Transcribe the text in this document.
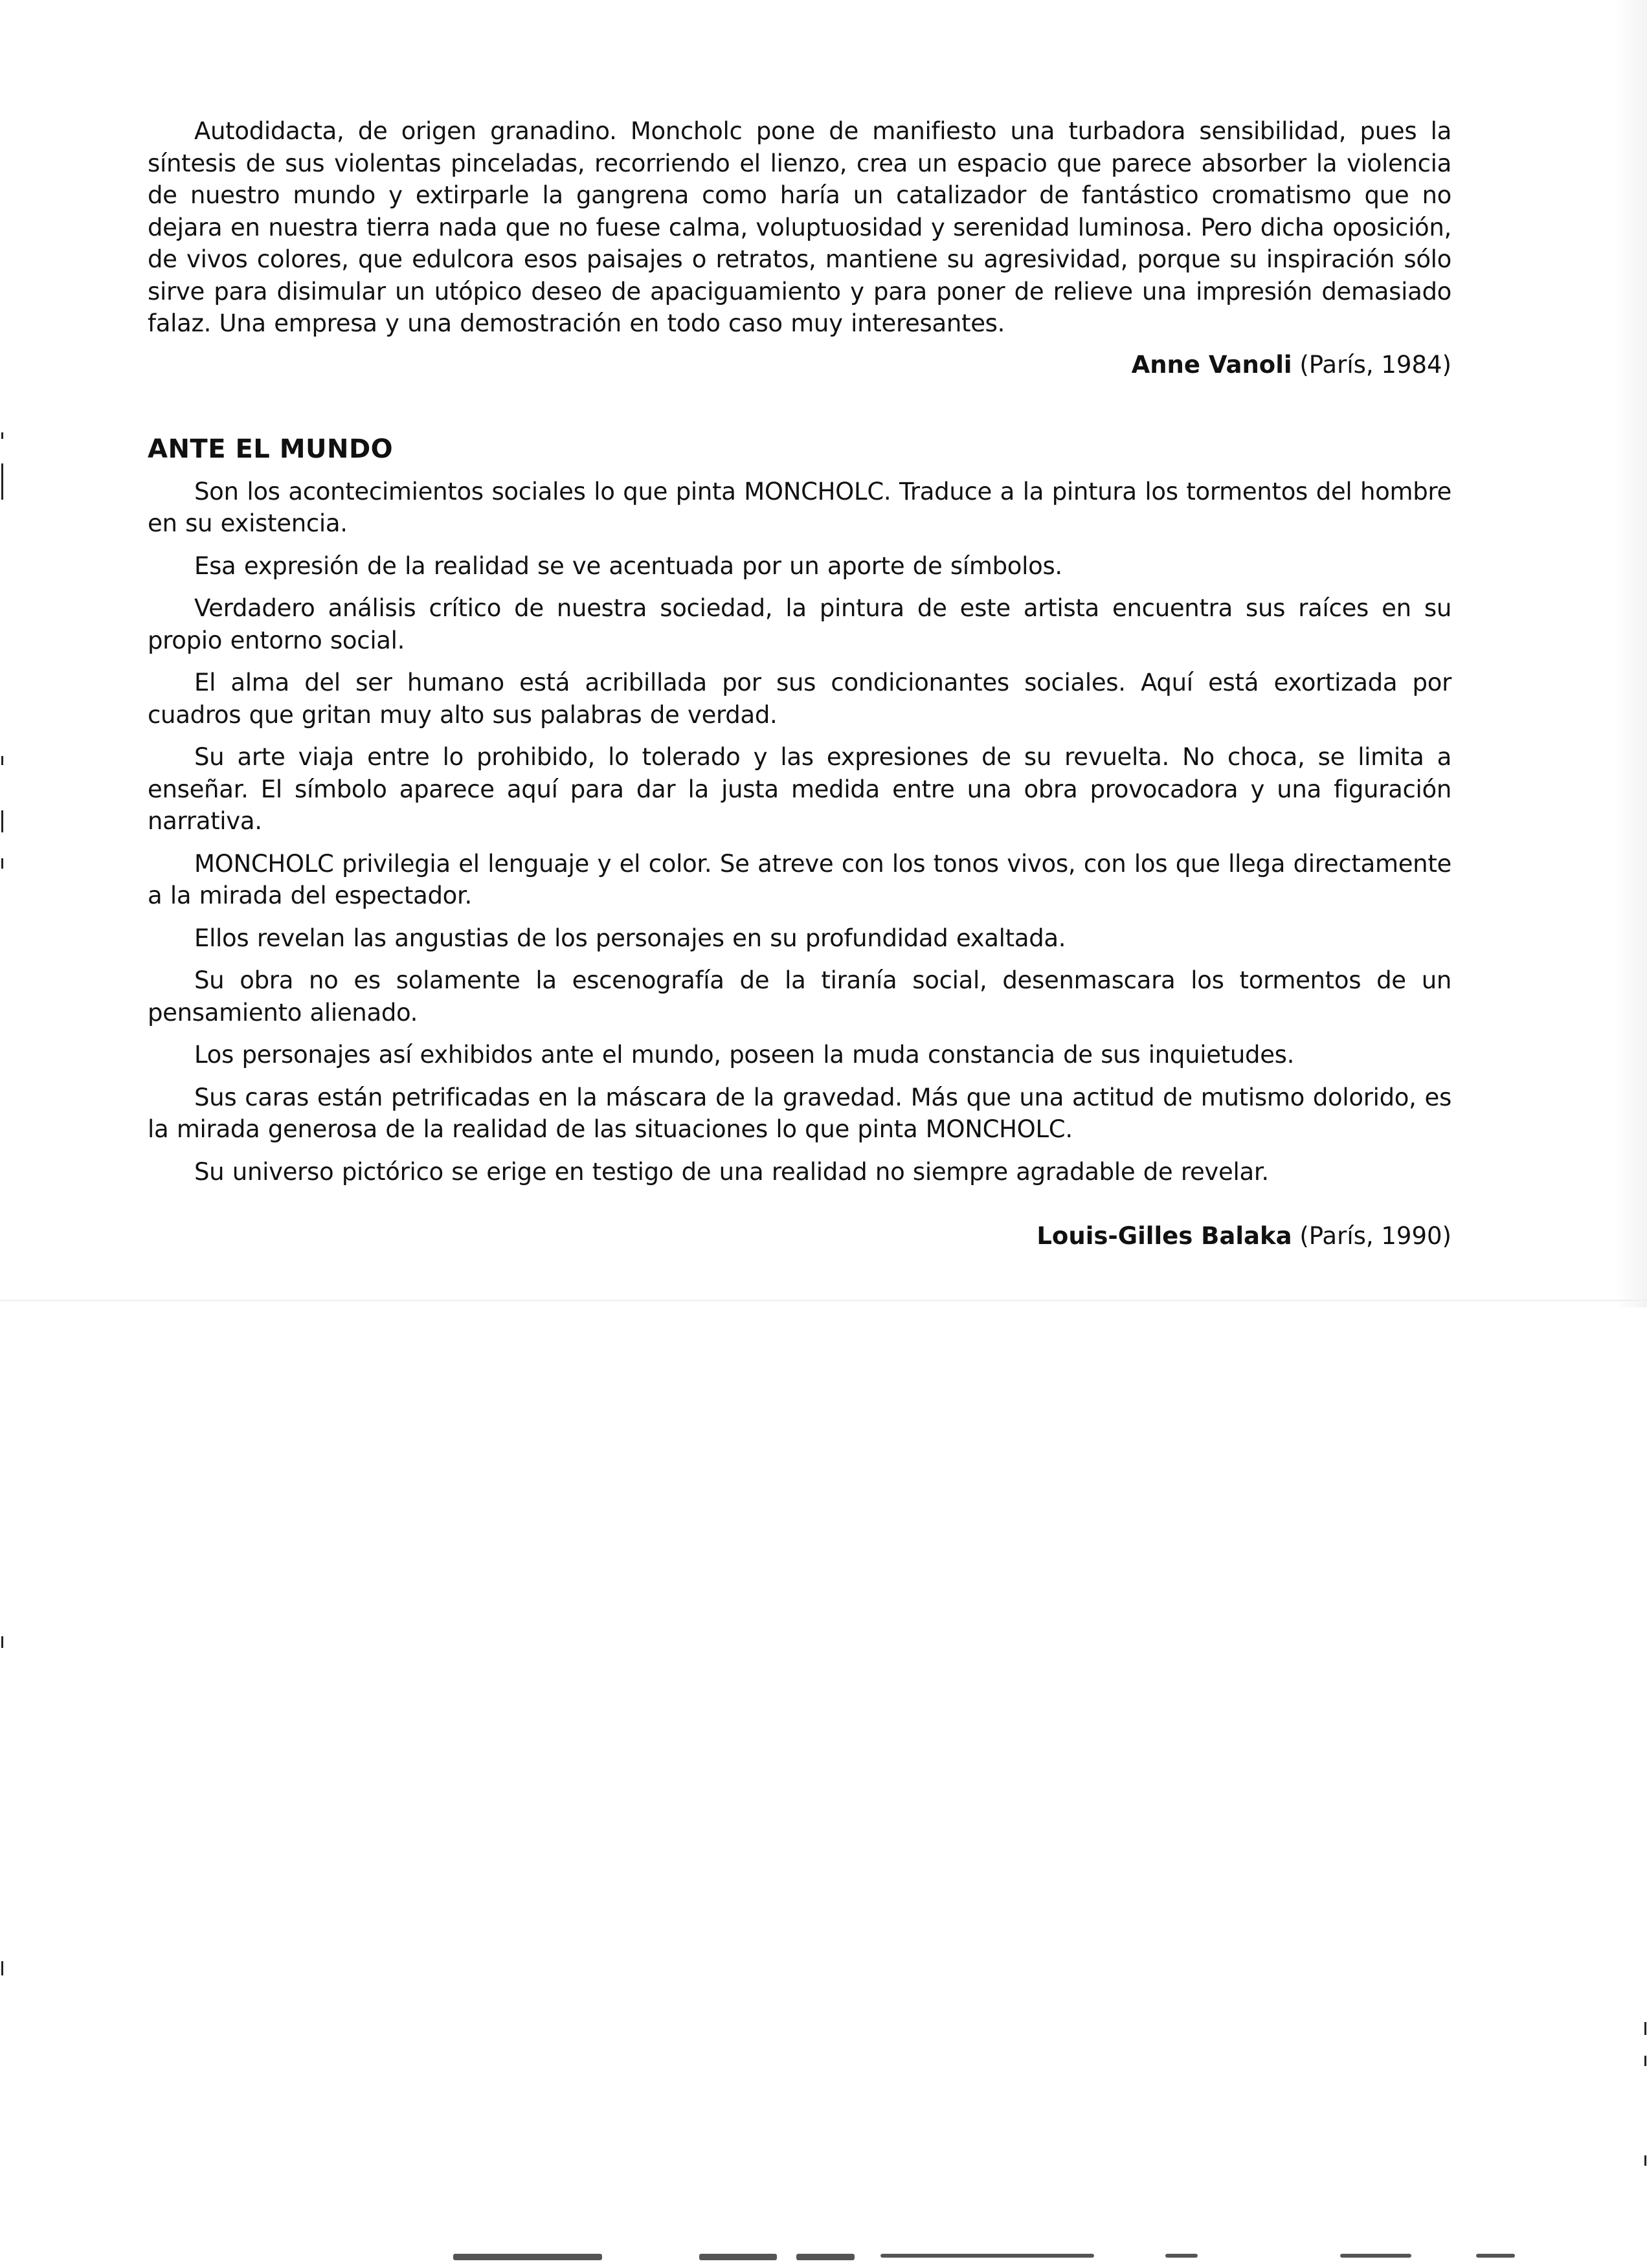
Autodidacta, de origen granadino. Moncholc pone de manifiesto una turbadora sensibilidad, pues la síntesis de sus violentas pinceladas, recorriendo el lienzo, crea un espacio que parece absorber la violencia de nuestro mundo y extirparle la gangrena como haría un catalizador de fantástico cromatismo que no dejara en nuestra tierra nada que no fuese calma, voluptuosidad y serenidad luminosa. Pero dicha oposición, de vivos colores, que edulcora esos paisajes o retratos, mantiene su agresividad, porque su inspiración sólo sirve para disimular un utópico deseo de apaciguamiento y para poner de relieve una impresión demasiado falaz. Una empresa y una demostración en todo caso muy interesantes.

Anne Vanoli (París, 1984)

ANTE EL MUNDO

Son los acontecimientos sociales lo que pinta MONCHOLC. Traduce a la pintura los tormentos del hombre en su existencia.

Esa expresión de la realidad se ve acentuada por un aporte de símbolos.

Verdadero análisis crítico de nuestra sociedad, la pintura de este artista encuentra sus raíces en su propio entorno social.

El alma del ser humano está acribillada por sus condicionantes sociales. Aquí está exortizada por cuadros que gritan muy alto sus palabras de verdad.

Su arte viaja entre lo prohibido, lo tolerado y las expresiones de su revuelta. No choca, se limita a enseñar. El símbolo aparece aquí para dar la justa medida entre una obra provocadora y una figuración narrativa.

MONCHOLC privilegia el lenguaje y el color. Se atreve con los tonos vivos, con los que llega directamente a la mirada del espectador.

Ellos revelan las angustias de los personajes en su profundidad exaltada.

Su obra no es solamente la escenografía de la tiranía social, desenmascara los tormentos de un pensamiento alienado.

Los personajes así exhibidos ante el mundo, poseen la muda constancia de sus inquietudes.

Sus caras están petrificadas en la máscara de la gravedad. Más que una actitud de mutismo dolorido, es la mirada generosa de la realidad de las situaciones lo que pinta MONCHOLC.

Su universo pictórico se erige en testigo de una realidad no siempre agradable de revelar.

Louis-Gilles Balaka (París, 1990)
